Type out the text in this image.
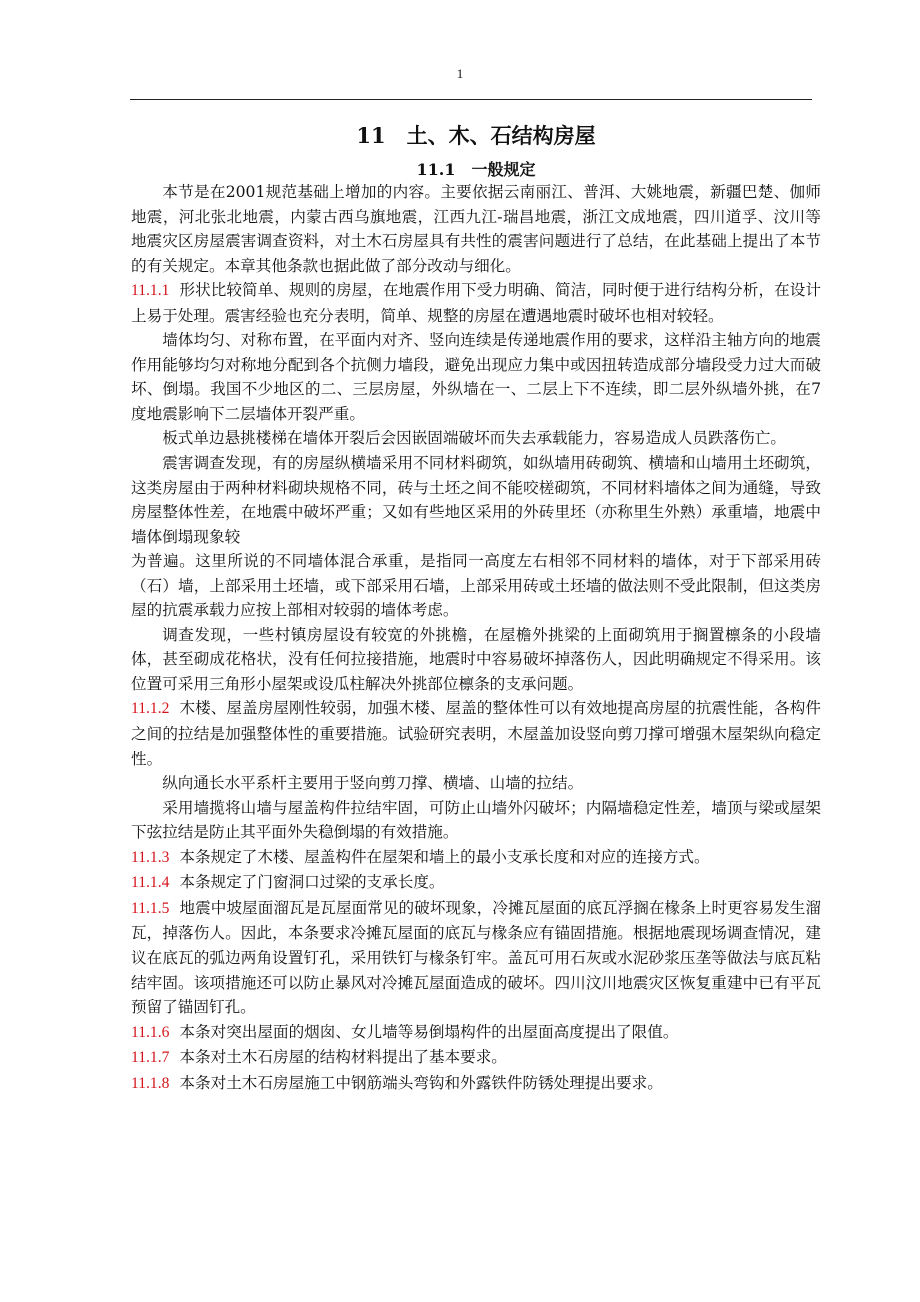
1
11　土、木、石结构房屋
11.1　一般规定

本节是在2001规范基础上增加的内容。主要依据云南丽江、普洱、大姚地震，新疆巴楚、伽师地震，河北张北地震，内蒙古西乌旗地震，江西九江-瑞昌地震，浙江文成地震，四川道孚、汶川等地震灾区房屋震害调查资料，对土木石房屋具有共性的震害问题进行了总结，在此基础上提出了本节的有关规定。本章其他条款也据此做了部分改动与细化。

11.1.1 形状比较简单、规则的房屋，在地震作用下受力明确、简洁，同时便于进行结构分析，在设计上易于处理。震害经验也充分表明，简单、规整的房屋在遭遇地震时破坏也相对较轻。

墙体均匀、对称布置，在平面内对齐、竖向连续是传递地震作用的要求，这样沿主轴方向的地震作用能够均匀对称地分配到各个抗侧力墙段，避免出现应力集中或因扭转造成部分墙段受力过大而破坏、倒塌。我国不少地区的二、三层房屋，外纵墙在一、二层上下不连续，即二层外纵墙外挑，在7度地震影响下二层墙体开裂严重。

板式单边悬挑楼梯在墙体开裂后会因嵌固端破坏而失去承载能力，容易造成人员跌落伤亡。

震害调查发现，有的房屋纵横墙采用不同材料砌筑，如纵墙用砖砌筑、横墙和山墙用土坯砌筑，这类房屋由于两种材料砌块规格不同，砖与土坯之间不能咬槎砌筑，不同材料墙体之间为通缝，导致房屋整体性差，在地震中破坏严重；又如有些地区采用的外砖里坯（亦称里生外熟）承重墙，地震中墙体倒塌现象较

为普遍。这里所说的不同墙体混合承重，是指同一高度左右相邻不同材料的墙体，对于下部采用砖（石）墙，上部采用土坯墙，或下部采用石墙，上部采用砖或土坯墙的做法则不受此限制，但这类房屋的抗震承载力应按上部相对较弱的墙体考虑。

调查发现，一些村镇房屋设有较宽的外挑檐，在屋檐外挑梁的上面砌筑用于搁置檩条的小段墙体，甚至砌成花格状，没有任何拉接措施，地震时中容易破坏掉落伤人，因此明确规定不得采用。该位置可采用三角形小屋架或设瓜柱解决外挑部位檩条的支承问题。

11.1.2 木楼、屋盖房屋刚性较弱，加强木楼、屋盖的整体性可以有效地提高房屋的抗震性能，各构件之间的拉结是加强整体性的重要措施。试验研究表明，木屋盖加设竖向剪刀撑可增强木屋架纵向稳定性。

纵向通长水平系杆主要用于竖向剪刀撑、横墙、山墙的拉结。

采用墙揽将山墙与屋盖构件拉结牢固，可防止山墙外闪破坏；内隔墙稳定性差，墙顶与梁或屋架下弦拉结是防止其平面外失稳倒塌的有效措施。

11.1.3 本条规定了木楼、屋盖构件在屋架和墙上的最小支承长度和对应的连接方式。

11.1.4 本条规定了门窗洞口过梁的支承长度。

11.1.5 地震中坡屋面溜瓦是瓦屋面常见的破坏现象，冷摊瓦屋面的底瓦浮搁在椽条上时更容易发生溜瓦，掉落伤人。因此，本条要求冷摊瓦屋面的底瓦与椽条应有锚固措施。根据地震现场调查情况，建议在底瓦的弧边两角设置钉孔，采用铁钉与椽条钉牢。盖瓦可用石灰或水泥砂浆压垄等做法与底瓦粘结牢固。该项措施还可以防止暴风对冷摊瓦屋面造成的破坏。四川汶川地震灾区恢复重建中已有平瓦预留了锚固钉孔。

11.1.6 本条对突出屋面的烟囱、女儿墙等易倒塌构件的出屋面高度提出了限值。

11.1.7 本条对土木石房屋的结构材料提出了基本要求。

11.1.8 本条对土木石房屋施工中钢筋端头弯钩和外露铁件防锈处理提出要求。
